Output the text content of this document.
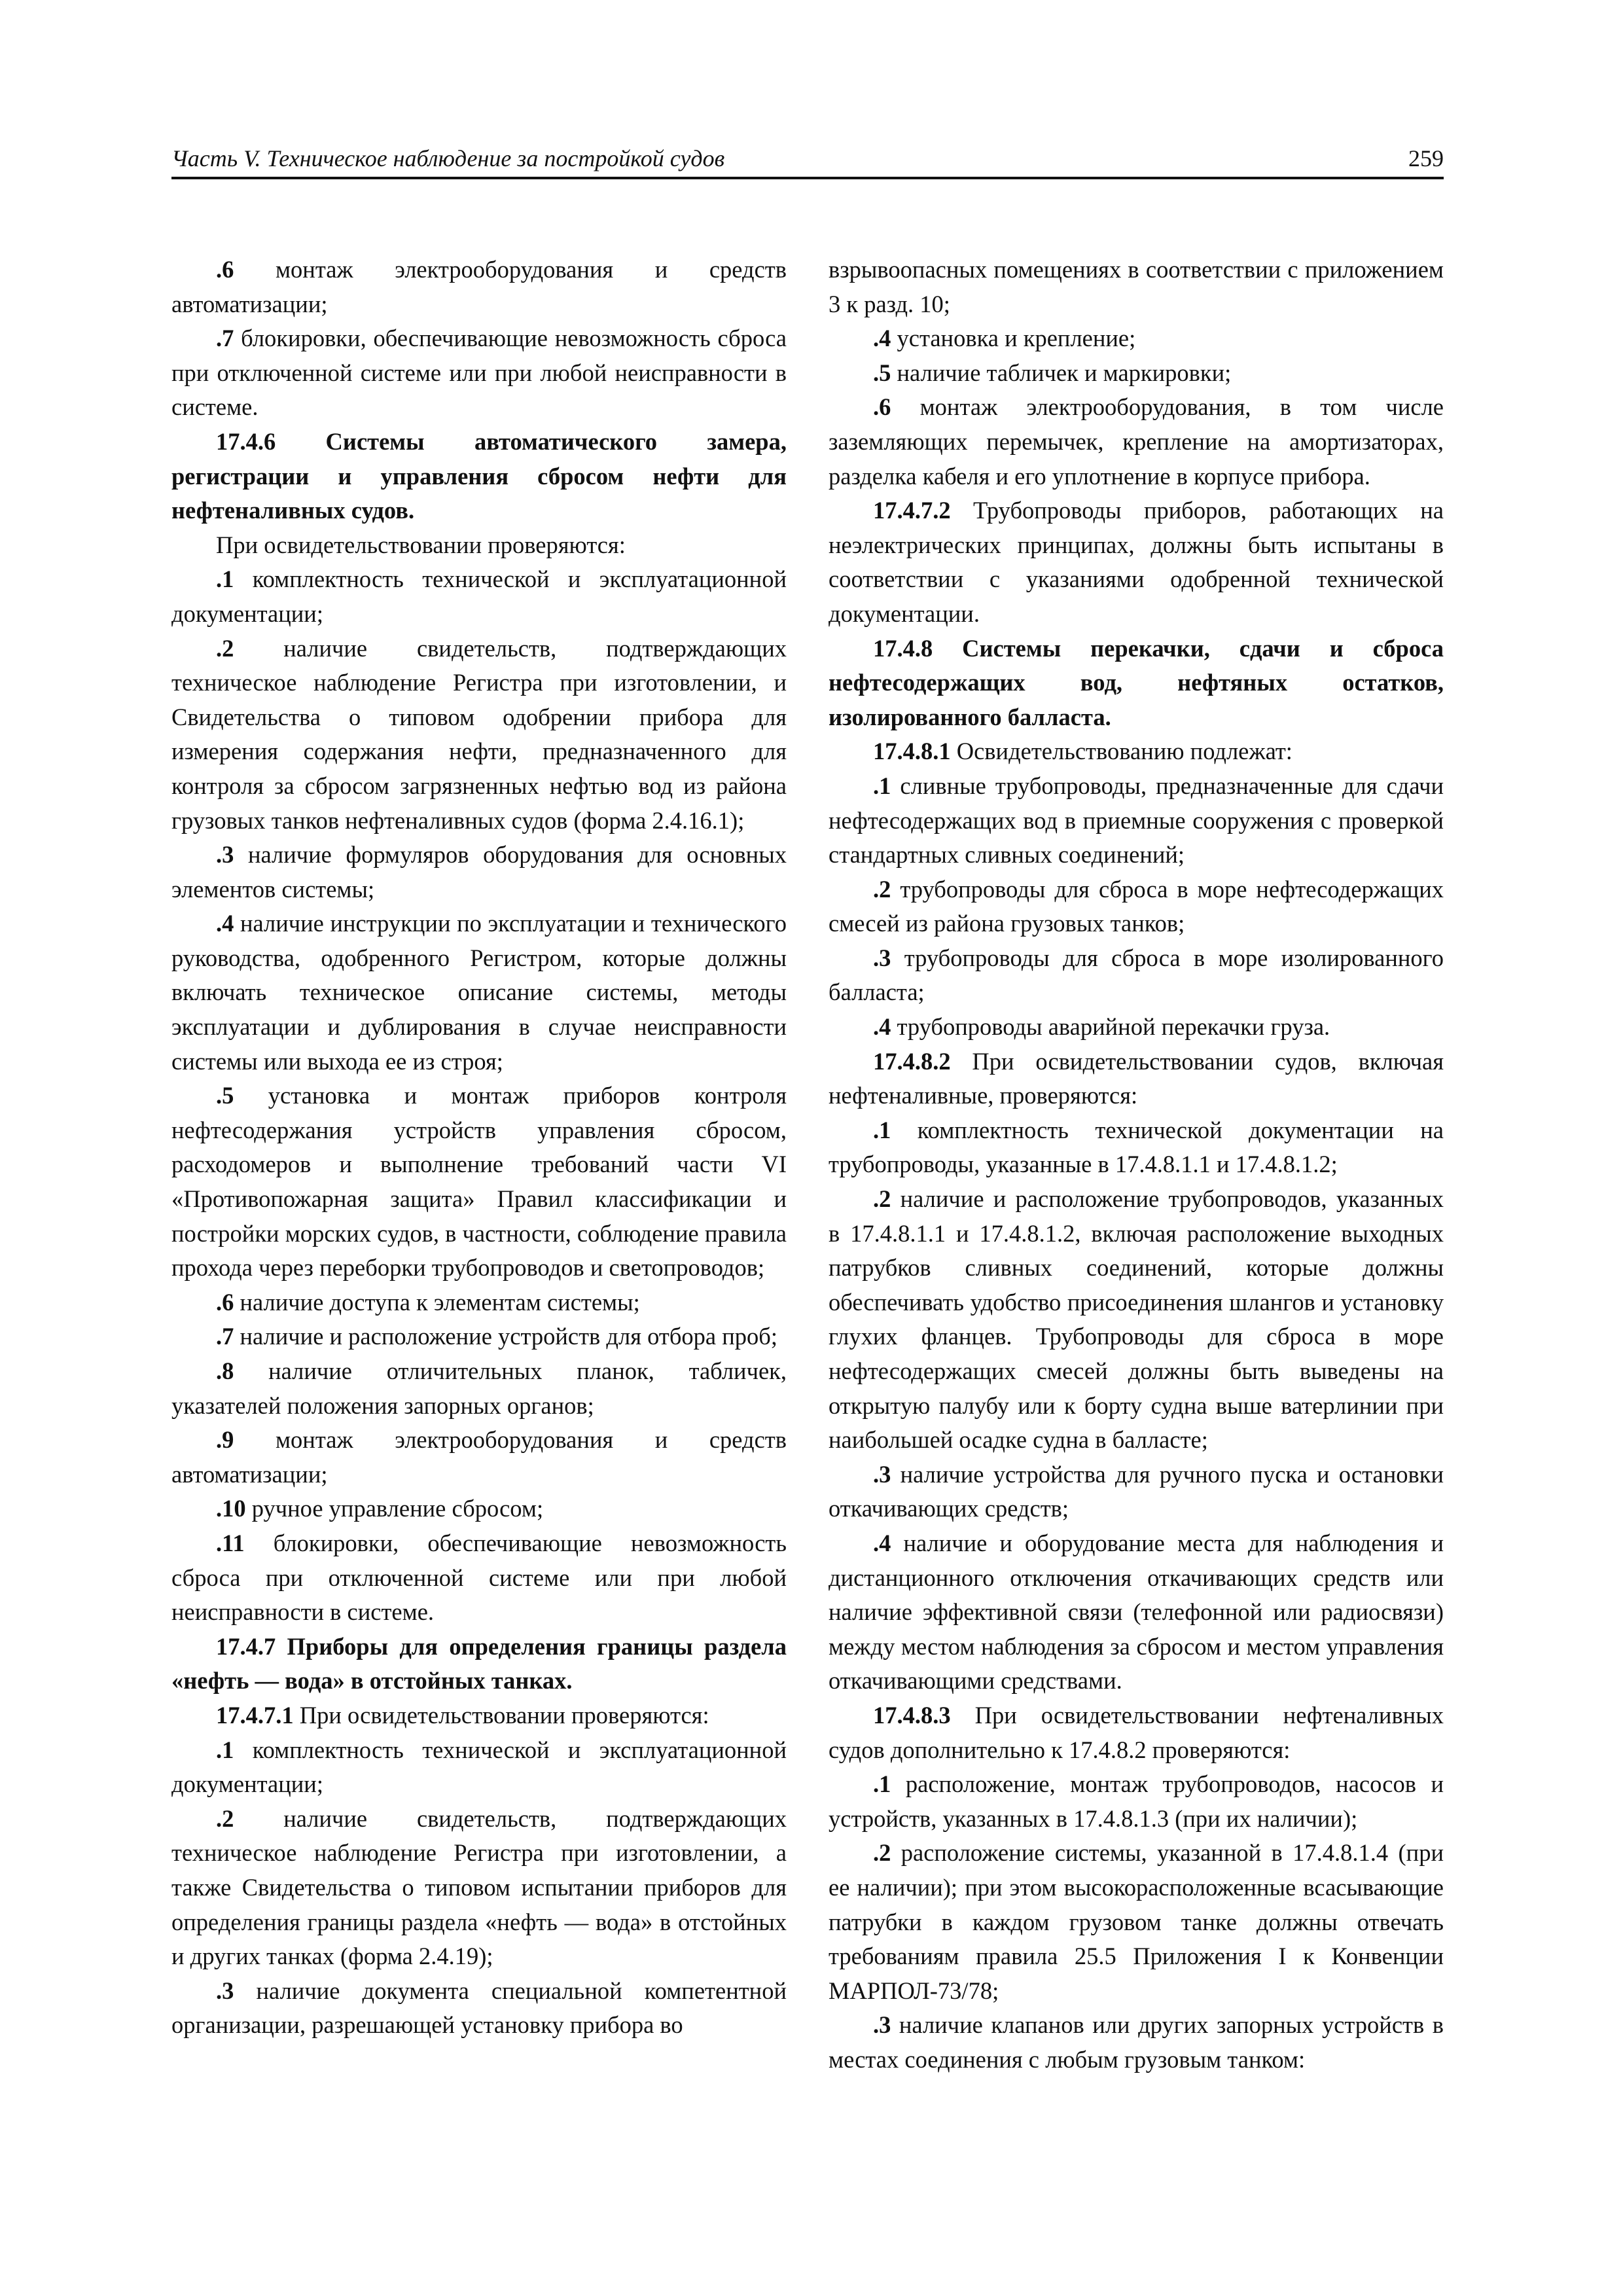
Часть V. Техническое наблюдение за постройкой судов	259

.6 монтаж электрооборудования и средств автоматизации;

.7 блокировки, обеспечивающие невозможность сброса при отключенной системе или при любой неисправности в системе.

17.4.6 Системы автоматического замера, регистрации и управления сбросом нефти для нефтеналивных судов.

При освидетельствовании проверяются:

.1 комплектность технической и эксплуатационной документации;

.2 наличие свидетельств, подтверждающих техническое наблюдение Регистра при изготовлении, и Свидетельства о типовом одобрении прибора для измерения содержания нефти, предназначенного для контроля за сбросом загрязненных нефтью вод из района грузовых танков нефтеналивных судов (форма 2.4.16.1);

.3 наличие формуляров оборудования для основных элементов системы;

.4 наличие инструкции по эксплуатации и технического руководства, одобренного Регистром, которые должны включать техническое описание системы, методы эксплуатации и дублирования в случае неисправности системы или выхода ее из строя;

.5 установка и монтаж приборов контроля нефтесодержания устройств управления сбросом, расходомеров и выполнение требований части VI «Противопожарная защита» Правил классификации и постройки морских судов, в частности, соблюдение правила прохода через переборки трубопроводов и светопроводов;

.6 наличие доступа к элементам системы;

.7 наличие и расположение устройств для отбора проб;

.8 наличие отличительных планок, табличек, указателей положения запорных органов;

.9 монтаж электрооборудования и средств автоматизации;

.10 ручное управление сбросом;

.11 блокировки, обеспечивающие невозможность сброса при отключенной системе или при любой неисправности в системе.

17.4.7 Приборы для определения границы раздела «нефть — вода» в отстойных танках.

17.4.7.1 При освидетельствовании проверяются:

.1 комплектность технической и эксплуатационной документации;

.2 наличие свидетельств, подтверждающих техническое наблюдение Регистра при изготовлении, а также Свидетельства о типовом испытании приборов для определения границы раздела «нефть — вода» в отстойных и других танках (форма 2.4.19);

.3 наличие документа специальной компетентной организации, разрешающей установку прибора во

взрывоопасных помещениях в соответствии с приложением 3 к разд. 10;

.4 установка и крепление;

.5 наличие табличек и маркировки;

.6 монтаж электрооборудования, в том числе заземляющих перемычек, крепление на амортизаторах, разделка кабеля и его уплотнение в корпусе прибора.

17.4.7.2 Трубопроводы приборов, работающих на неэлектрических принципах, должны быть испытаны в соответствии с указаниями одобренной технической документации.

17.4.8 Системы перекачки, сдачи и сброса нефтесодержащих вод, нефтяных остатков, изолированного балласта.

17.4.8.1 Освидетельствованию подлежат:

.1 сливные трубопроводы, предназначенные для сдачи нефтесодержащих вод в приемные сооружения с проверкой стандартных сливных соединений;

.2 трубопроводы для сброса в море нефтесодержащих смесей из района грузовых танков;

.3 трубопроводы для сброса в море изолированного балласта;

.4 трубопроводы аварийной перекачки груза.

17.4.8.2 При освидетельствовании судов, включая нефтеналивные, проверяются:

.1 комплектность технической документации на трубопроводы, указанные в 17.4.8.1.1 и 17.4.8.1.2;

.2 наличие и расположение трубопроводов, указанных в 17.4.8.1.1 и 17.4.8.1.2, включая расположение выходных патрубков сливных соединений, которые должны обеспечивать удобство присоединения шлангов и установку глухих фланцев. Трубопроводы для сброса в море нефтесодержащих смесей должны быть выведены на открытую палубу или к борту судна выше ватерлинии при наибольшей осадке судна в балласте;

.3 наличие устройства для ручного пуска и остановки откачивающих средств;

.4 наличие и оборудование места для наблюдения и дистанционного отключения откачивающих средств или наличие эффективной связи (телефонной или радиосвязи) между местом наблюдения за сбросом и местом управления откачивающими средствами.

17.4.8.3 При освидетельствовании нефтеналивных судов дополнительно к 17.4.8.2 проверяются:

.1 расположение, монтаж трубопроводов, насосов и устройств, указанных в 17.4.8.1.3 (при их наличии);

.2 расположение системы, указанной в 17.4.8.1.4 (при ее наличии); при этом высокорасположенные всасывающие патрубки в каждом грузовом танке должны отвечать требованиям правила 25.5 Приложения I к Конвенции МАРПОЛ-73/78;

.3 наличие клапанов или других запорных устройств в местах соединения с любым грузовым танком:
